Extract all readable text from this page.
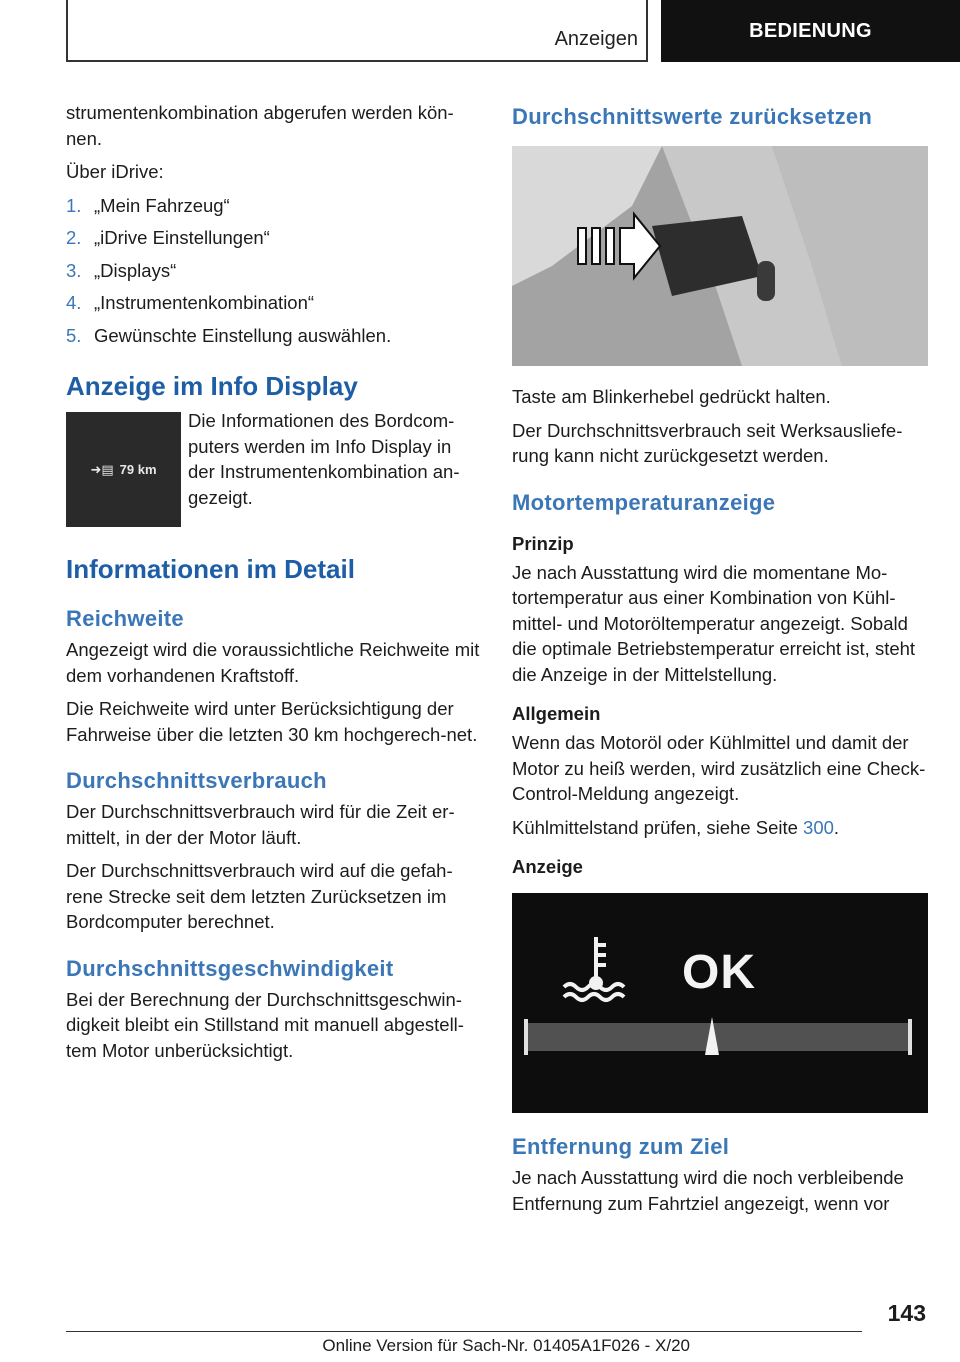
Anzeigen	BEDIENUNG

strumentenkombination abgerufen werden kön-nen.

Über iDrive:

1. „Mein Fahrzeug“
2. „iDrive Einstellungen“
3. „Displays“
4. „Instrumentenkombination“
5. Gewünschte Einstellung auswählen.
Anzeige im Info Display
➜▤ 79 km

Die Informationen des Bordcom-puters werden im Info Display in der Instrumentenkombination an-gezeigt.

Informationen im Detail
Reichweite

Angezeigt wird die voraussichtliche Reichweite mit dem vorhandenen Kraftstoff.

Die Reichweite wird unter Berücksichtigung der Fahrweise über die letzten 30 km hochgerech-net.

Durchschnittsverbrauch

Der Durchschnittsverbrauch wird für die Zeit er-mittelt, in der der Motor läuft.

Der Durchschnittsverbrauch wird auf die gefah-rene Strecke seit dem letzten Zurücksetzen im Bordcomputer berechnet.

Durchschnittsgeschwindigkeit

Bei der Berechnung der Durchschnittsgeschwin-digkeit bleibt ein Stillstand mit manuell abgestell-tem Motor unberücksichtigt.

Durchschnittswerte zurücksetzen

Taste am Blinkerhebel gedrückt halten.

Der Durchschnittsverbrauch seit Werksausliefe-rung kann nicht zurückgesetzt werden.

Motortemperaturanzeige
Prinzip

Je nach Ausstattung wird die momentane Mo-tortemperatur aus einer Kombination von Kühl-mittel- und Motoröltemperatur angezeigt. Sobald die optimale Betriebstemperatur erreicht ist, steht die Anzeige in der Mittelstellung.

Allgemein

Wenn das Motoröl oder Kühlmittel und damit der Motor zu heiß werden, wird zusätzlich eine Check-Control-Meldung angezeigt.

Kühlmittelstand prüfen, siehe Seite 300.

Anzeige
OK
Entfernung zum Ziel

Je nach Ausstattung wird die noch verbleibende Entfernung zum Fahrtziel angezeigt, wenn vor

143
Online Version für Sach-Nr. 01405A1F026 - X/20
